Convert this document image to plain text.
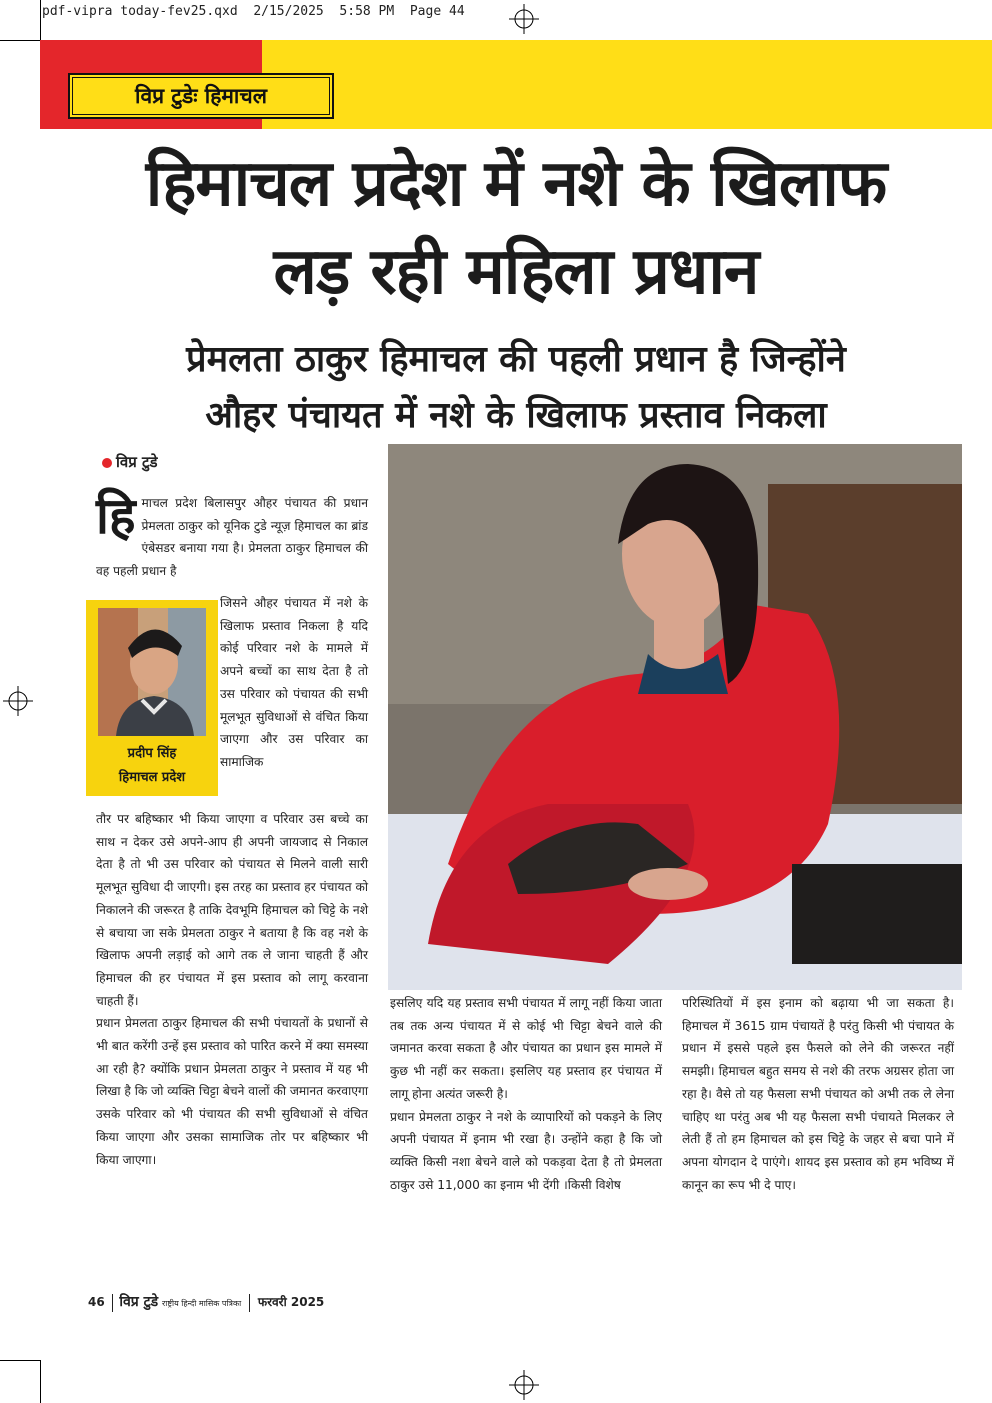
pdf-vipra today-fev25.qxd  2/15/2025  5:58 PM  Page 44
विप्र टुडेः हिमाचल
हिमाचल प्रदेश में नशे के खिलाफ
लड़ रही महिला प्रधान
प्रेमलता ठाकुर हिमाचल की पहली प्रधान है जिन्होंने
औहर पंचायत में नशे के खिलाफ प्रस्ताव निकला
विप्र टुडे
हि माचल प्रदेश बिलासपुर औहर पंचायत की प्रधान प्रेमलता ठाकुर को यूनिक टुडे न्यूज़ हिमाचल का ब्रांड एंबेसडर बनाया गया है। प्रेमलता ठाकुर हिमाचल की वह पहली प्रधान है
प्रदीप सिंह
हिमाचल प्रदेश

जिसने औहर पंचायत में नशे के खिलाफ प्रस्ताव निकला है यदि कोई परिवार नशे के मामले में अपने बच्चों का साथ देता है तो उस परिवार को पंचायत की सभी मूलभूत सुविधाओं से वंचित किया जाएगा और उस परिवार का सामाजिक

तौर पर बहिष्कार भी किया जाएगा व परिवार उस बच्चे का साथ न देकर उसे अपने-आप ही अपनी जायजाद से निकाल देता है तो भी उस परिवार को पंचायत से मिलने वाली सारी मूलभूत सुविधा दी जाएगी। इस तरह का प्रस्ताव हर पंचायत को निकालने की जरूरत है ताकि देवभूमि हिमाचल को चिट्टे के नशे से बचाया जा सके प्रेमलता ठाकुर ने बताया है कि वह नशे के खिलाफ अपनी लड़ाई को आगे तक ले जाना चाहती हैं और हिमाचल की हर पंचायत में इस प्रस्ताव को लागू करवाना चाहती हैं।

प्रधान प्रेमलता ठाकुर हिमाचल की सभी पंचायतों के प्रधानों से भी बात करेंगी उन्हें इस प्रस्ताव को पारित करने में क्या समस्या आ रही है? क्योंकि प्रधान प्रेमलता ठाकुर ने प्रस्ताव में यह भी लिखा है कि जो व्यक्ति चिट्टा बेचने वालों की जमानत करवाएगा उसके परिवार को भी पंचायत की सभी सुविधाओं से वंचित किया जाएगा और उसका सामाजिक तोर पर बहिष्कार भी किया जाएगा।

इसलिए यदि यह प्रस्ताव सभी पंचायत में लागू नहीं किया जाता तब तक अन्य पंचायत में से कोई भी चिट्टा बेचने वाले की जमानत करवा सकता है और पंचायत का प्रधान इस मामले में कुछ भी नहीं कर सकता। इसलिए यह प्रस्ताव हर पंचायत में लागू होना अत्यंत जरूरी है।

प्रधान प्रेमलता ठाकुर ने नशे के व्यापारियों को पकड़ने के लिए अपनी पंचायत में इनाम भी रखा है। उन्होंने कहा है कि जो व्यक्ति किसी नशा बेचने वाले को पकड़वा देता है तो प्रेमलता ठाकुर उसे 11,000 का इनाम भी देंगी ।किसी विशेष

परिस्थितियों में इस इनाम को बढ़ाया भी जा सकता है। हिमाचल में 3615 ग्राम पंचायतें है परंतु किसी भी पंचायत के प्रधान में इससे पहले इस फैसले को लेने की जरूरत नहीं समझी। हिमाचल बहुत समय से नशे की तरफ अग्रसर होता जा रहा है। वैसे तो यह फैसला सभी पंचायत को अभी तक ले लेना चाहिए था परंतु अब भी यह फैसला सभी पंचायते मिलकर ले लेती हैं तो हम हिमाचल को इस चिट्टे के जहर से बचा पाने में अपना योगदान दे पाएंगे। शायद इस प्रस्ताव को हम भविष्य में कानून का रूप भी दे पाए।

46 विप्र टुडे राष्ट्रीय हिन्दी मासिक पत्रिका फरवरी 2025
